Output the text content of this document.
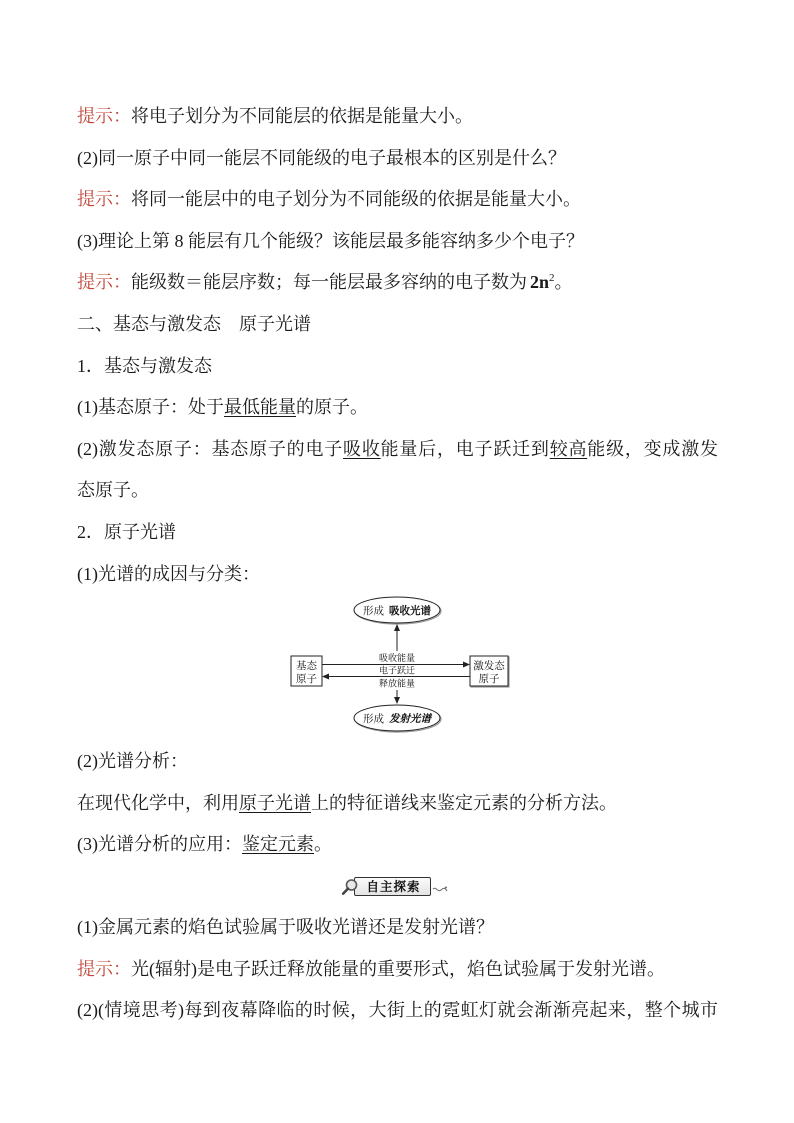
提示：将电子划分为不同能层的依据是能量大小。
(2)同一原子中同一能层不同能级的电子最根本的区别是什么？
提示：将同一能层中的电子划分为不同能级的依据是能量大小。
(3)理论上第 8 能层有几个能级？该能层最多能容纳多少个电子？
提示：能级数＝能层序数；每一能层最多容纳的电子数为 $2n^2$。
二、基态与激发态　原子光谱
1．基态与激发态
(1)基态原子：处于最低能量的原子。
(2)激发态原子：基态原子的电子吸收能量后，电子跃迁到较高能级，变成激发
态原子。
2．原子光谱
(1)光谱的成因与分类：
形成 吸收光谱
基态
原子
激发态
原子
吸收能量
电子跃迁
释放能量
形成 发射光谱
(2)光谱分析：
在现代化学中，利用原子光谱上的特征谱线来鉴定元素的分析方法。
(3)光谱分析的应用：鉴定元素。
自主探索
(1)金属元素的焰色试验属于吸收光谱还是发射光谱？
提示：光(辐射)是电子跃迁释放能量的重要形式，焰色试验属于发射光谱。
(2)(情境思考)每到夜幕降临的时候，大街上的霓虹灯就会渐渐亮起来，整个城市
